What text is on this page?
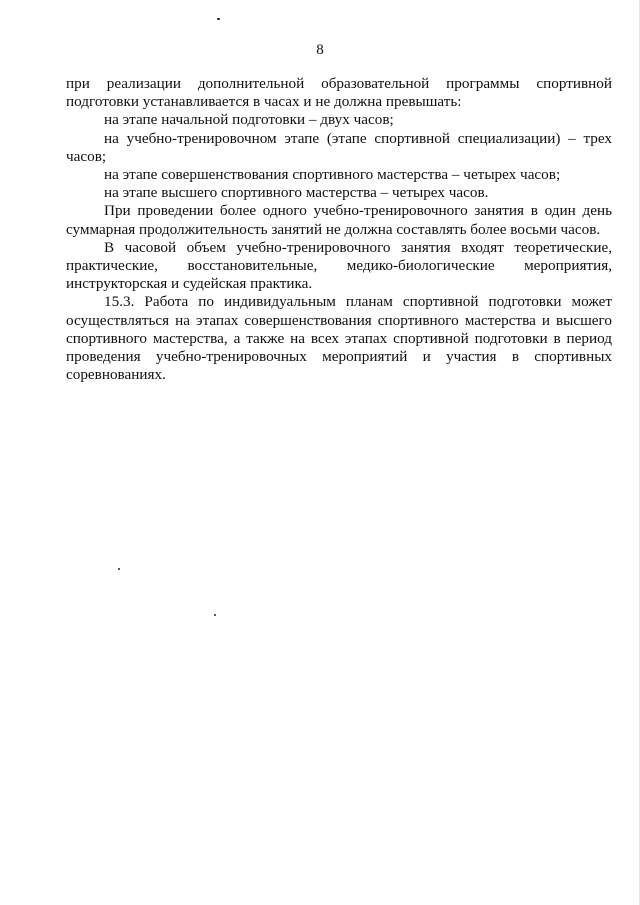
8

при реализации дополнительной образовательной программы спортивной подготовки устанавливается в часах и не должна превышать:

на этапе начальной подготовки – двух часов;

на учебно-тренировочном этапе (этапе спортивной специализации) – трех часов;

на этапе совершенствования спортивного мастерства – четырех часов;

на этапе высшего спортивного мастерства – четырех часов.

При проведении более одного учебно-тренировочного занятия в один день суммарная продолжительность занятий не должна составлять более восьми часов.

В часовой объем учебно-тренировочного занятия входят теоретические, практические, восстановительные, медико-биологические мероприятия, инструкторская и судейская практика.

15.3. Работа по индивидуальным планам спортивной подготовки может осуществляться на этапах совершенствования спортивного мастерства и высшего спортивного мастерства, а также на всех этапах спортивной подготовки в период проведения учебно-тренировочных мероприятий и участия в спортивных соревнованиях.
